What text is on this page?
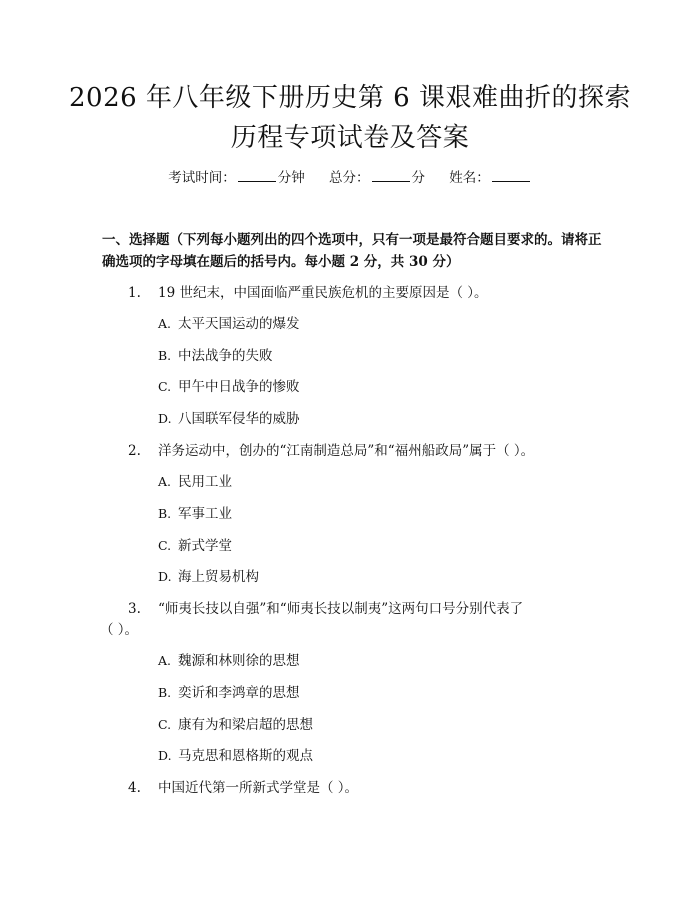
2026 年八年级下册历史第 6 课艰难曲折的探索历程专项试卷及答案
考试时间：	分钟 总分：	分 姓名：
一、选择题（下列每小题列出的四个选项中，只有一项是最符合题目要求的。请将正确选项的字母填在题后的括号内。每小题 2 分，共 30 分）
1. 19 世纪末，中国面临严重民族危机的主要原因是（ ）。
A. 太平天国运动的爆发
B. 中法战争的失败
C. 甲午中日战争的惨败
D. 八国联军侵华的威胁
2. 洋务运动中，创办的“江南制造总局”和“福州船政局”属于（ ）。
A. 民用工业
B. 军事工业
C. 新式学堂
D. 海上贸易机构
3. “师夷长技以自强”和“师夷长技以制夷”这两句口号分别代表了
（ ）。
A. 魏源和林则徐的思想
B. 奕䜣和李鸿章的思想
C. 康有为和梁启超的思想
D. 马克思和恩格斯的观点
4. 中国近代第一所新式学堂是（ ）。
